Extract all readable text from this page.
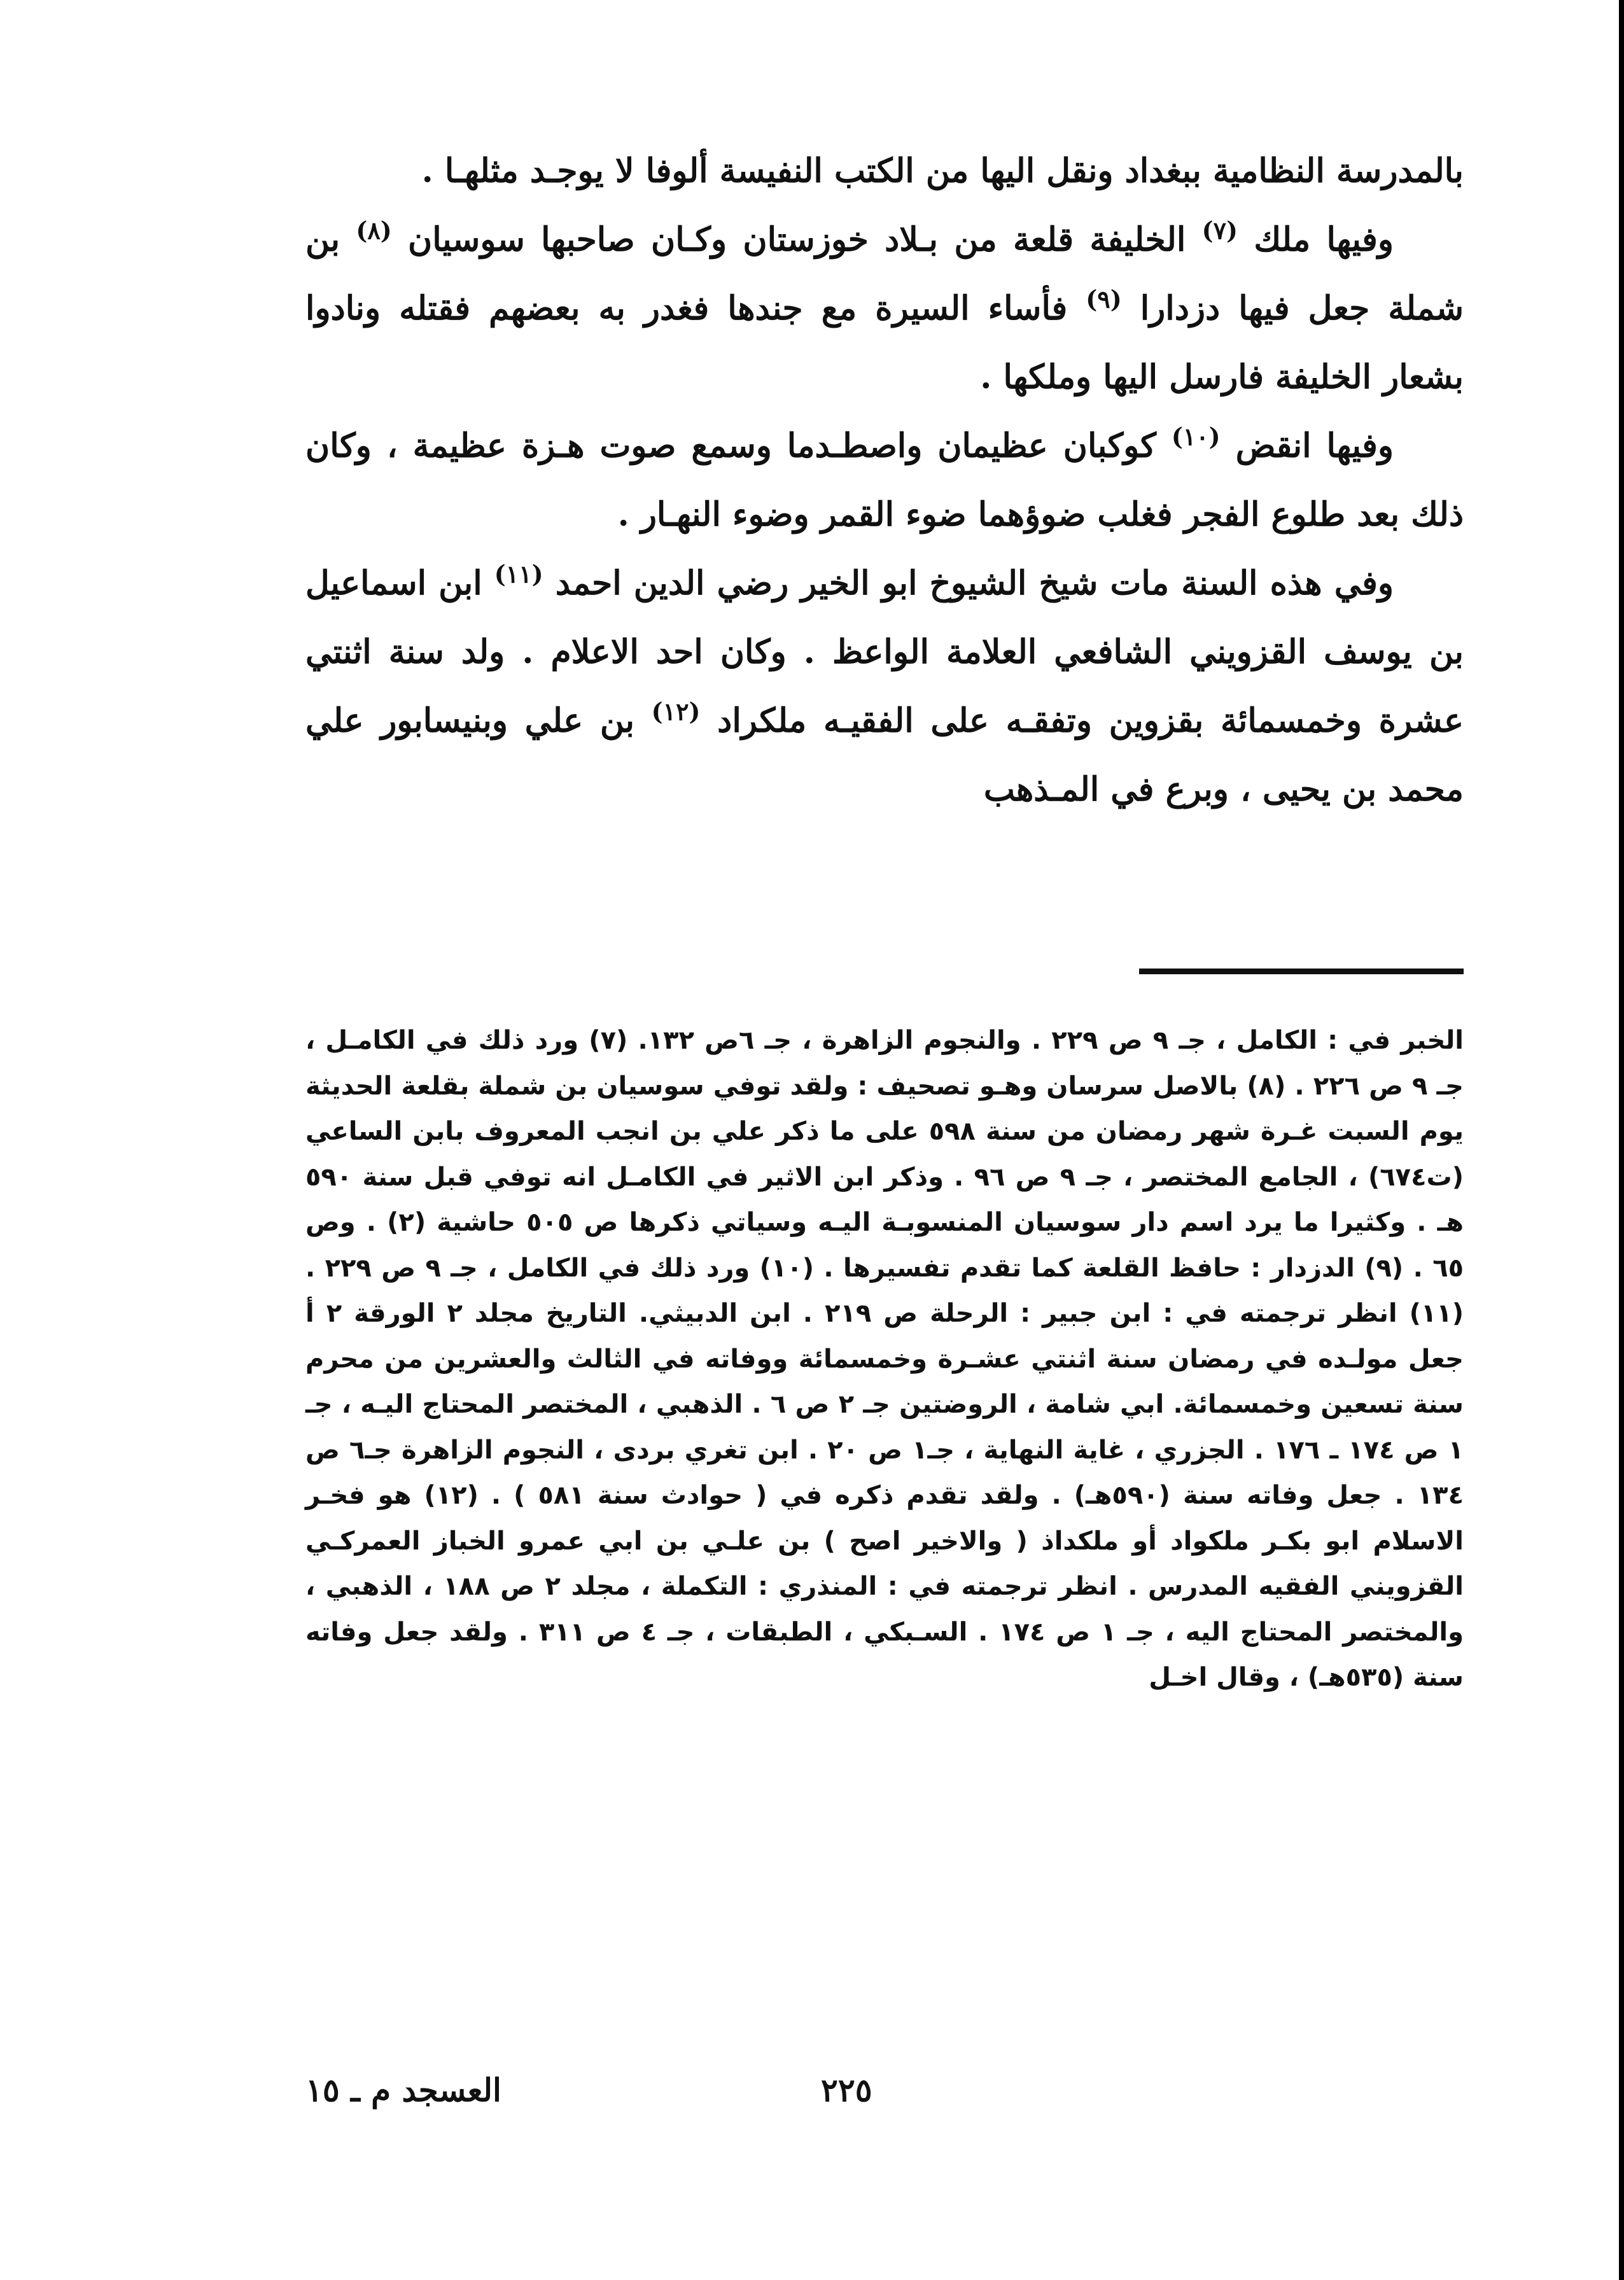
بالمدرسة النظامية ببغداد ونقل اليها من الكتب النفيسة ألوفا لا يوجـد مثلهـا .

وفيها ملك $^{(٧)}$ الخليفة قلعة من بـلاد خوزستان وكـان صاحبها سوسيان $^{(٨)}$ بن شملة جعل فيها دزدارا $^{(٩)}$ فأساء السيرة مع جندها فغدر به بعضهم فقتله ونادوا بشعار الخليفة فارسل اليها وملكها .

وفيها انقض $^{(١٠)}$ كوكبان عظيمان واصطـدما وسمع صوت هـزة عظيمة ، وكان ذلك بعد طلوع الفجر فغلب ضوؤهما ضوء القمر وضوء النهـار .

وفي هذه السنة مات شيخ الشيوخ ابو الخير رضي الدين احمد $^{(١١)}$ ابن اسماعيل بن يوسف القزويني الشافعي العلامة الواعظ . وكان احد الاعلام . ولد سنة اثنتي عشرة وخمسمائة بقزوين وتفقـه على الفقيـه ملكراد $^{(١٢)}$ بن علي وبنيسابور علي محمد بن يحيى ، وبرع في المـذهب

الخبر في : الكامل ، جـ ٩ ص ٢٢٩ . والنجوم الزاهرة ، جـ ٦ص ١٣٢. (٧) ورد ذلك في الكامـل ، جـ ٩ ص ٢٢٦ . (٨) بالاصل سرسان وهـو تصحيف : ولقد توفي سوسيان بن شملة بقلعة الحديثة يوم السبت غـرة شهر رمضان من سنة ٥٩٨ على ما ذكر علي بن انجب المعروف بابن الساعي (ت٦٧٤) ، الجامع المختصر ، جـ ٩ ص ٩٦ . وذكر ابن الاثير في الكامـل انه توفي قبل سنة ٥٩٠ هـ . وكثيرا ما يرد اسم دار سوسيان المنسوبـة اليـه وسياتي ذكرها ص ٥٠٥ حاشية (٢) . وص ٦٥ . (٩) الدزدار : حافظ القلعة كما تقدم تفسيرها . (١٠) ورد ذلك في الكامل ، جـ ٩ ص ٢٢٩ . (١١) انظر ترجمته في : ابن جبير : الرحلة ص ٢١٩ . ابن الدبيثي. التاريخ مجلد ٢ الورقة ٢ أ جعل مولـده في رمضان سنة اثنتي عشـرة وخمسمائة ووفاته في الثالث والعشرين من محرم سنة تسعين وخمسمائة. ابي شامة ، الروضتين جـ ٢ ص ٦ . الذهبي ، المختصر المحتاج اليـه ، جـ ١ ص ١٧٤ ـ ١٧٦ . الجزري ، غاية النهاية ، جـ١ ص ٢٠ . ابن تغري بردى ، النجوم الزاهرة جـ٦ ص ١٣٤ . جعل وفاته سنة (٥٩٠هـ) . ولقد تقدم ذكره في ( حوادث سنة ٥٨١ ) . (١٢) هو فخـر الاسلام ابو بكـر ملكواد أو ملكداذ ( والاخير اصح ) بن علـي بن ابي عمرو الخباز العمركـي القزويني الفقيه المدرس . انظر ترجمته في : المنذري : التكملة ، مجلد ٢ ص ١٨٨ ، الذهبي ، والمختصر المحتاج اليه ، جـ ١ ص ١٧٤ . السـبكي ، الطبقات ، جـ ٤ ص ٣١١ . ولقد جعل وفاته سنة (٥٣٥هـ) ، وقال اخـل

٢٢٥
العسجد م ـ ١٥
